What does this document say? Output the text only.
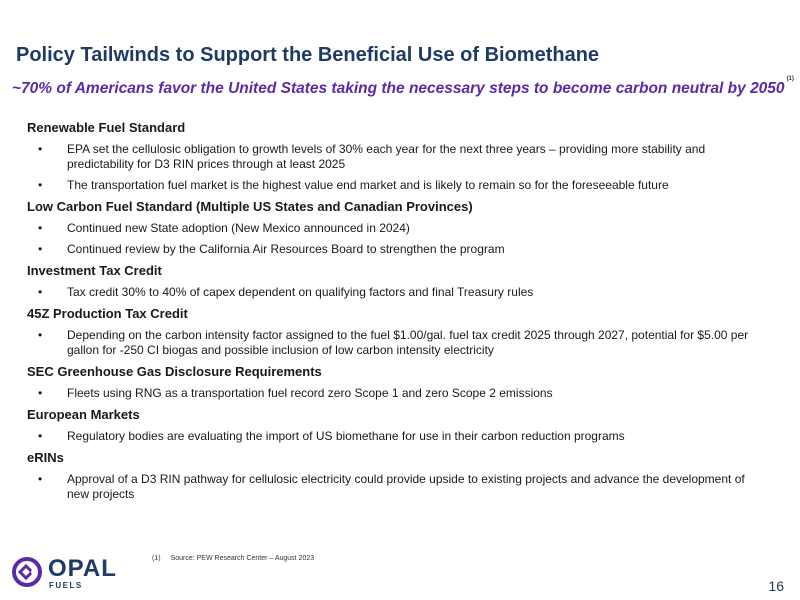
Policy Tailwinds to Support the Beneficial Use of Biomethane
~70% of Americans favor the United States taking the necessary steps to become carbon neutral by 2050$^{(1)}$
Renewable Fuel Standard
• EPA set the cellulosic obligation to growth levels of 30% each year for the next three years – providing more stability and predictability for D3 RIN prices through at least 2025
• The transportation fuel market is the highest value end market and is likely to remain so for the foreseeable future
Low Carbon Fuel Standard (Multiple US States and Canadian Provinces)
• Continued new State adoption (New Mexico announced in 2024)
• Continued review by the California Air Resources Board to strengthen the program
Investment Tax Credit
• Tax credit 30% to 40% of capex dependent on qualifying factors and final Treasury rules
45Z Production Tax Credit
• Depending on the carbon intensity factor assigned to the fuel $1.00/gal. fuel tax credit 2025 through 2027, potential for $5.00 per gallon for -250 CI biogas and possible inclusion of low carbon intensity electricity
SEC Greenhouse Gas Disclosure Requirements
• Fleets using RNG as a transportation fuel record zero Scope 1 and zero Scope 2 emissions
European Markets
• Regulatory bodies are evaluating the import of US biomethane for use in their carbon reduction programs
eRINs
• Approval of a D3 RIN pathway for cellulosic electricity could provide upside to existing projects and advance the development of new projects
OPAL
FUELS
(1) Source: PEW Research Center – August 2023
16
